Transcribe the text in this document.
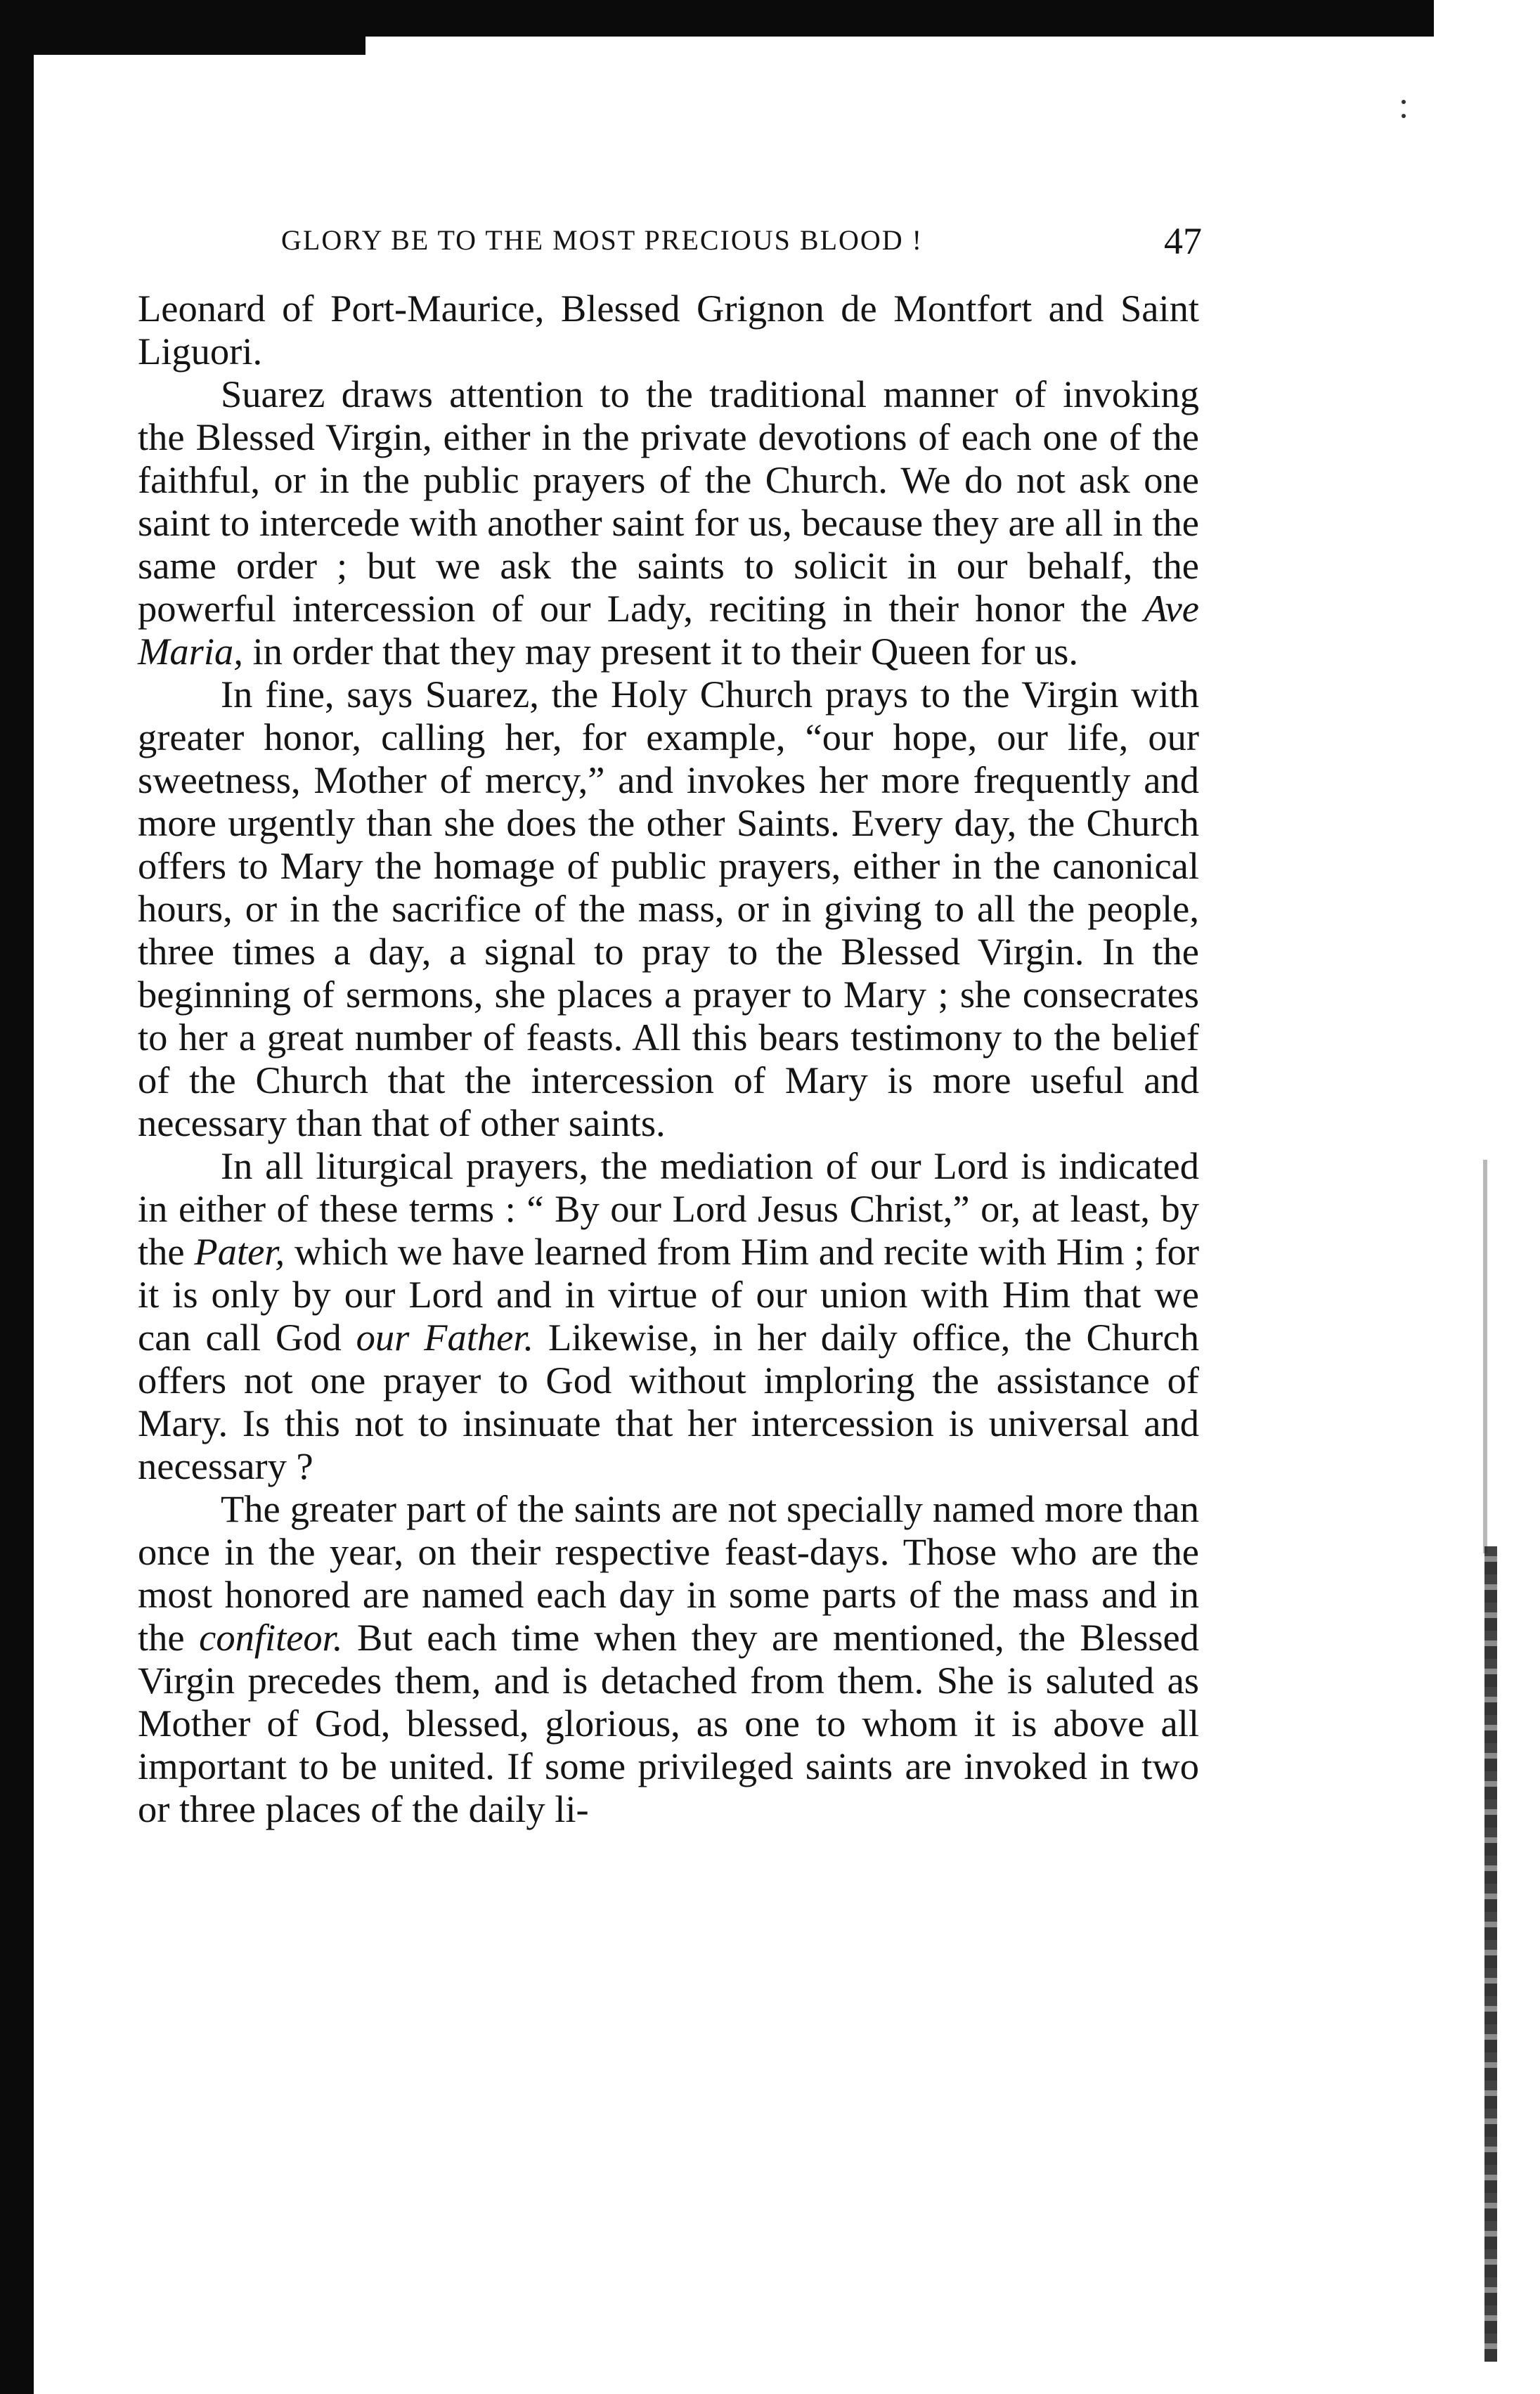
GLORY BE TO THE MOST PRECIOUS BLOOD !	47

Leonard of Port-Maurice, Blessed Grignon de Montfort and Saint Liguori.

Suarez draws attention to the traditional manner of invoking the Blessed Virgin, either in the private devotions of each one of the faithful, or in the public prayers of the Church. We do not ask one saint to intercede with another saint for us, because they are all in the same order ; but we ask the saints to solicit in our behalf, the powerful intercession of our Lady, reciting in their honor the Ave Maria, in order that they may present it to their Queen for us.

In fine, says Suarez, the Holy Church prays to the Virgin with greater honor, calling her, for example, “our hope, our life, our sweetness, Mother of mercy,” and invokes her more frequently and more urgently than she does the other Saints. Every day, the Church offers to Mary the homage of public prayers, either in the canonical hours, or in the sacrifice of the mass, or in giving to all the people, three times a day, a signal to pray to the Blessed Virgin. In the beginning of sermons, she places a prayer to Mary ; she consecrates to her a great number of feasts. All this bears testimony to the belief of the Church that the intercession of Mary is more useful and necessary than that of other saints.

In all liturgical prayers, the mediation of our Lord is indicated in either of these terms : “ By our Lord Jesus Christ,” or, at least, by the Pater, which we have learned from Him and recite with Him ; for it is only by our Lord and in virtue of our union with Him that we can call God our Father. Likewise, in her daily office, the Church offers not one prayer to God without imploring the assistance of Mary. Is this not to insinuate that her intercession is universal and necessary ?

The greater part of the saints are not specially named more than once in the year, on their respective feast-days. Those who are the most honored are named each day in some parts of the mass and in the confiteor. But each time when they are mentioned, the Blessed Virgin precedes them, and is detached from them. She is saluted as Mother of God, blessed, glorious, as one to whom it is above all important to be united. If some privileged saints are invoked in two or three places of the daily li-
